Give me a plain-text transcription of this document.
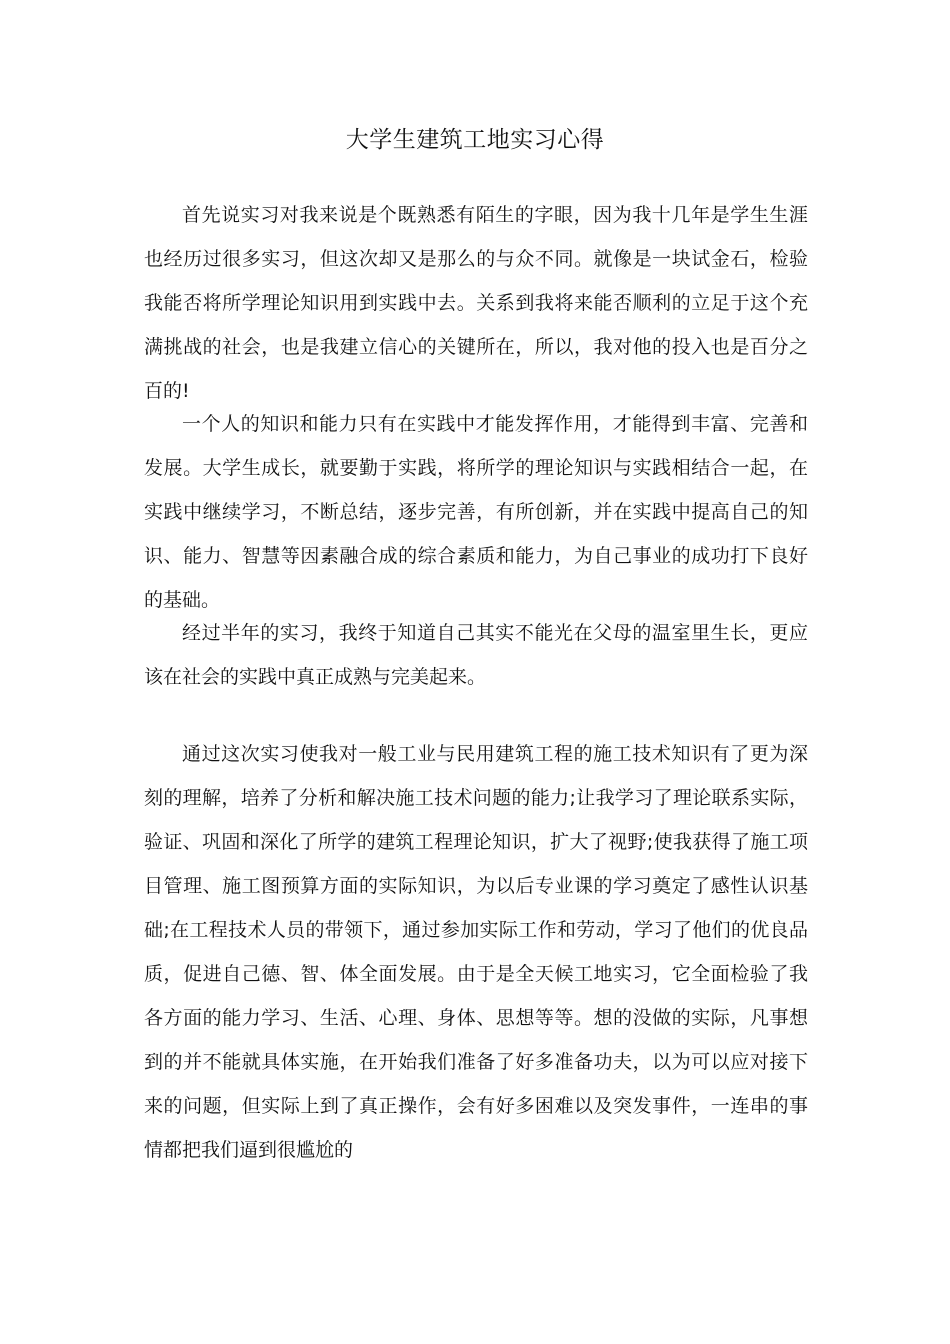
大学生建筑工地实习心得

首先说实习对我来说是个既熟悉有陌生的字眼，因为我十几年是学生生涯也经历过很多实习，但这次却又是那么的与众不同。就像是一块试金石，检验我能否将所学理论知识用到实践中去。关系到我将来能否顺利的立足于这个充满挑战的社会，也是我建立信心的关键所在，所以，我对他的投入也是百分之百的!

一个人的知识和能力只有在实践中才能发挥作用，才能得到丰富、完善和发展。大学生成长，就要勤于实践，将所学的理论知识与实践相结合一起，在实践中继续学习，不断总结，逐步完善，有所创新，并在实践中提高自己的知识、能力、智慧等因素融合成的综合素质和能力，为自己事业的成功打下良好的基础。

经过半年的实习，我终于知道自己其实不能光在父母的温室里生长，更应该在社会的实践中真正成熟与完美起来。

通过这次实习使我对一般工业与民用建筑工程的施工技术知识有了更为深刻的理解，培养了分析和解决施工技术问题的能力;让我学习了理论联系实际，验证、巩固和深化了所学的建筑工程理论知识，扩大了视野;使我获得了施工项目管理、施工图预算方面的实际知识，为以后专业课的学习奠定了感性认识基础;在工程技术人员的带领下，通过参加实际工作和劳动，学习了他们的优良品质，促进自己德、智、体全面发展。由于是全天候工地实习，它全面检验了我各方面的能力学习、生活、心理、身体、思想等等。想的没做的实际，凡事想到的并不能就具体实施，在开始我们准备了好多准备功夫，以为可以应对接下来的问题，但实际上到了真正操作，会有好多困难以及突发事件，一连串的事情都把我们逼到很尴尬的
